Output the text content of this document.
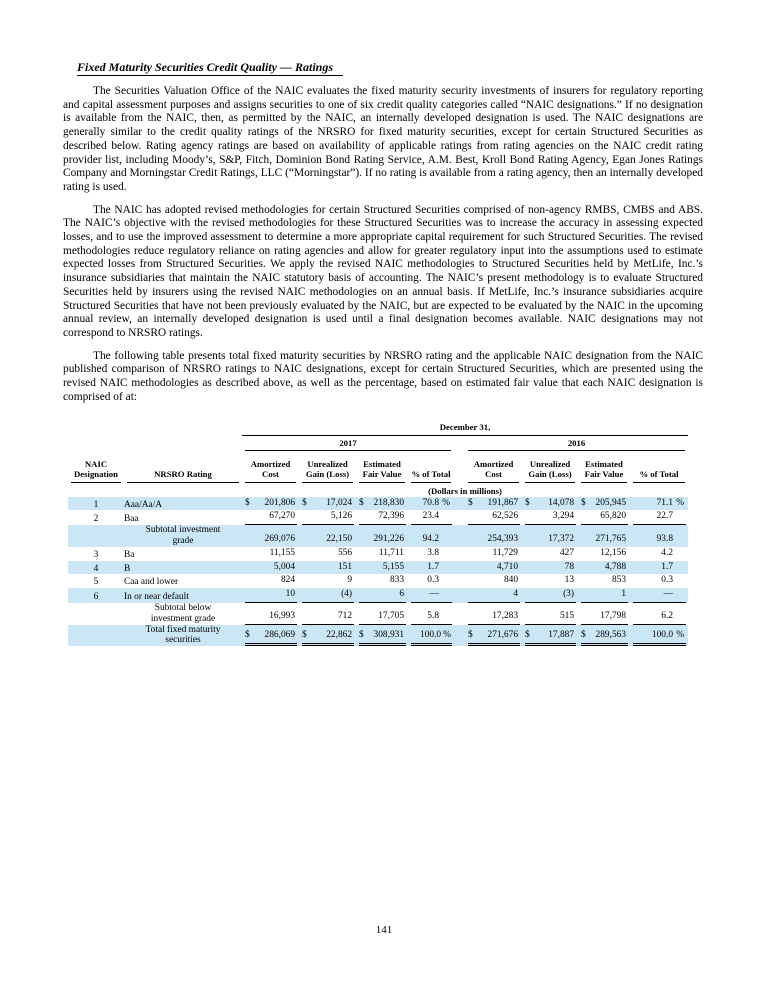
Fixed Maturity Securities Credit Quality — Ratings

The Securities Valuation Office of the NAIC evaluates the fixed maturity security investments of insurers for regulatory reporting and capital assessment purposes and assigns securities to one of six credit quality categories called “NAIC designations.” If no designation is available from the NAIC, then, as permitted by the NAIC, an internally developed designation is used. The NAIC designations are generally similar to the credit quality ratings of the NRSRO for fixed maturity securities, except for certain Structured Securities as described below. Rating agency ratings are based on availability of applicable ratings from rating agencies on the NAIC credit rating provider list, including Moody’s, S&P, Fitch, Dominion Bond Rating Service, A.M. Best, Kroll Bond Rating Agency, Egan Jones Ratings Company and Morningstar Credit Ratings, LLC (“Morningstar”). If no rating is available from a rating agency, then an internally developed rating is used.

The NAIC has adopted revised methodologies for certain Structured Securities comprised of non-agency RMBS, CMBS and ABS. The NAIC’s objective with the revised methodologies for these Structured Securities was to increase the accuracy in assessing expected losses, and to use the improved assessment to determine a more appropriate capital requirement for such Structured Securities. The revised methodologies reduce regulatory reliance on rating agencies and allow for greater regulatory input into the assumptions used to estimate expected losses from Structured Securities. We apply the revised NAIC methodologies to Structured Securities held by MetLife, Inc.’s insurance subsidiaries that maintain the NAIC statutory basis of accounting. The NAIC’s present methodology is to evaluate Structured Securities held by insurers using the revised NAIC methodologies on an annual basis. If MetLife, Inc.’s insurance subsidiaries acquire Structured Securities that have not been previously evaluated by the NAIC, but are expected to be evaluated by the NAIC in the upcoming annual review, an internally developed designation is used until a final designation becomes available. NAIC designations may not correspond to NRSRO ratings.

The following table presents total fixed maturity securities by NRSRO rating and the applicable NAIC designation from the NAIC published comparison of NRSRO ratings to NAIC designations, except for certain Structured Securities, which are presented using the revised NAIC methodologies as described above, as well as the percentage, based on estimated fair value that each NAIC designation is comprised of at:

		December 31,							

		2017				2016			

NAIC Designation	NRSRO Rating	Amortized Cost	Unrealized Gain (Loss)	Estimated Fair Value	% of Total	Amortized Cost	Unrealized Gain (Loss)	Estimated Fair Value	% of Total

		(Dollars in millions)							

1	Aaa/Aa/A	$ 201,806	$ 17,024	$ 218,830	70.8 %	$ 191,867	$ 14,078	$ 205,945	71.1 %

2	Baa	67,270	5,126	72,396	23.4	62,526	3,294	65,820	22.7

	Subtotal investment grade	269,076	22,150	291,226	94.2	254,393	17,372	271,765	93.8

3	Ba	11,155	556	11,711	3.8	11,729	427	12,156	4.2

4	B	5,004	151	5,155	1.7	4,710	78	4,788	1.7

5	Caa and lower	824	9	833	0.3	840	13	853	0.3

6	In or near default	10	(4)	6	—	4	(3)	1	—

	Subtotal below investment grade	16,993	712	17,705	5.8	17,283	515	17,798	6.2

	Total fixed maturity securities	$ 286,069	$ 22,862	$ 308,931	100.0 %	$ 271,676	$ 17,887	$ 289,563	100.0 %
141
